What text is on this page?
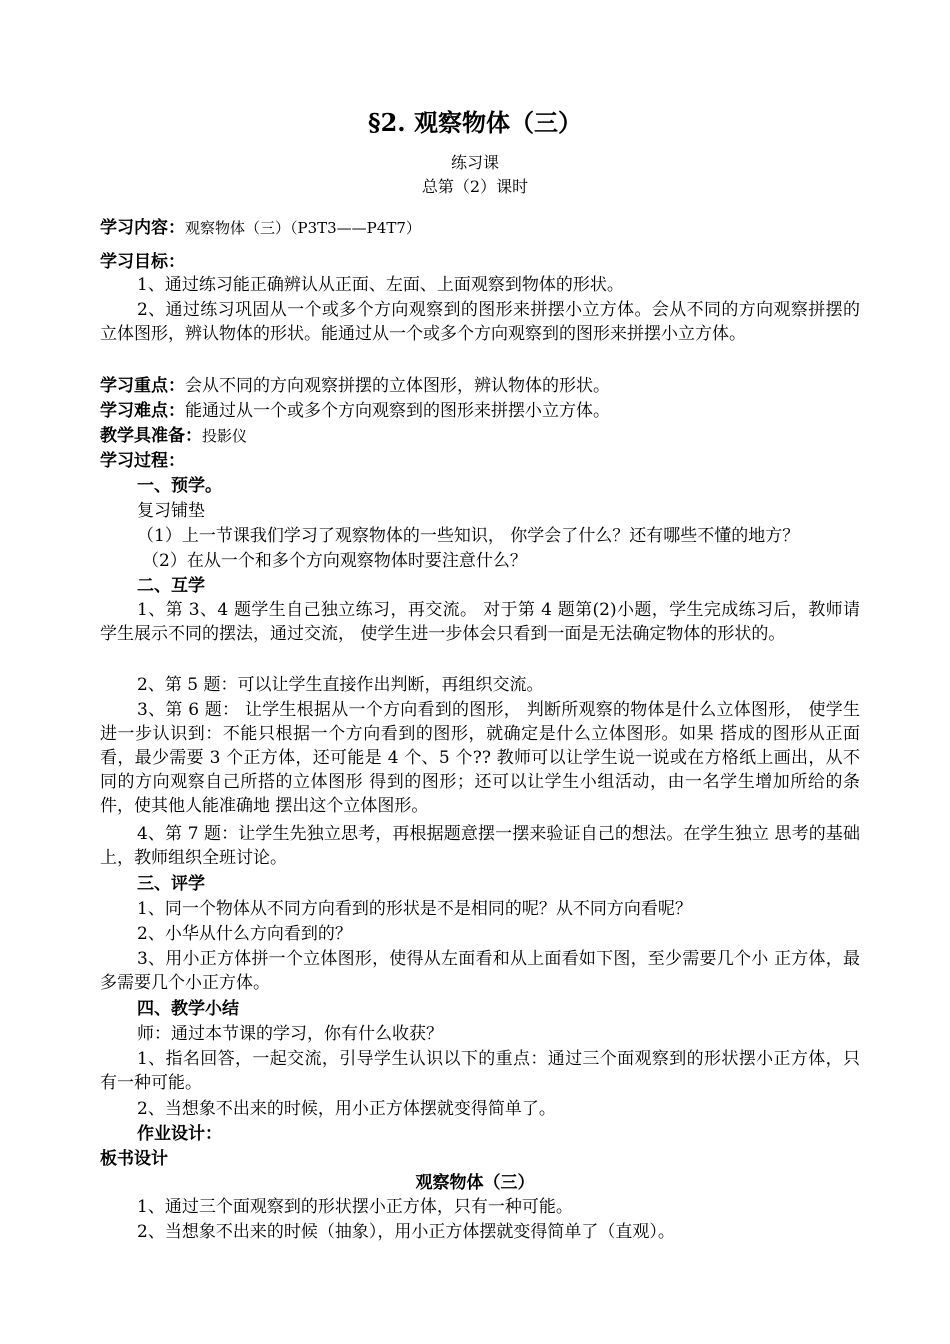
§2. 观察物体（三）
练习课
总第（2）课时
学习内容：观察物体（三）（P3T3——P4T7）
学习目标：
1、通过练习能正确辨认从正面、左面、上面观察到物体的形状。
2、通过练习巩固从一个或多个方向观察到的图形来拼摆小立方体。会从不同的方向观察拼摆的立体图形，辨认物体的形状。能通过从一个或多个方向观察到的图形来拼摆小立方体。
学习重点：会从不同的方向观察拼摆的立体图形，辨认物体的形状。
学习难点：能通过从一个或多个方向观察到的图形来拼摆小立方体。
教学具准备：投影仪
学习过程：
一、预学。
复习铺垫
（1）上一节课我们学习了观察物体的一些知识， 你学会了什么？还有哪些不懂的地方？
（2）在从一个和多个方向观察物体时要注意什么？
二、互学
1、第 3、4 题学生自己独立练习，再交流。 对于第 4 题第(2)小题，学生完成练习后，教师请学生展示不同的摆法，通过交流， 使学生进一步体会只看到一面是无法确定物体的形状的。
2、第 5 题：可以让学生直接作出判断，再组织交流。
3、第 6 题： 让学生根据从一个方向看到的图形， 判断所观察的物体是什么立体图形， 使学生进一步认识到：不能只根据一个方向看到的图形，就确定是什么立体图形。如果 搭成的图形从正面看，最少需要 3 个正方体，还可能是 4 个、5 个?? 教师可以让学生说一说或在方格纸上画出，从不同的方向观察自己所搭的立体图形 得到的图形；还可以让学生小组活动，由一名学生增加所给的条件，使其他人能准确地 摆出这个立体图形。
4、第 7 题：让学生先独立思考，再根据题意摆一摆来验证自己的想法。在学生独立 思考的基础上，教师组织全班讨论。
三、评学
1、同一个物体从不同方向看到的形状是不是相同的呢？从不同方向看呢？
2、小华从什么方向看到的？
3、用小正方体拼一个立体图形，使得从左面看和从上面看如下图，至少需要几个小 正方体，最多需要几个小正方体。
四、教学小结
师：通过本节课的学习，你有什么收获？
1、指名回答，一起交流，引导学生认识以下的重点：通过三个面观察到的形状摆小正方体，只有一种可能。
2、当想象不出来的时候，用小正方体摆就变得简单了。
作业设计：
板书设计
观察物体（三）
1、通过三个面观察到的形状摆小正方体，只有一种可能。
2、当想象不出来的时候（抽象），用小正方体摆就变得简单了（直观）。
